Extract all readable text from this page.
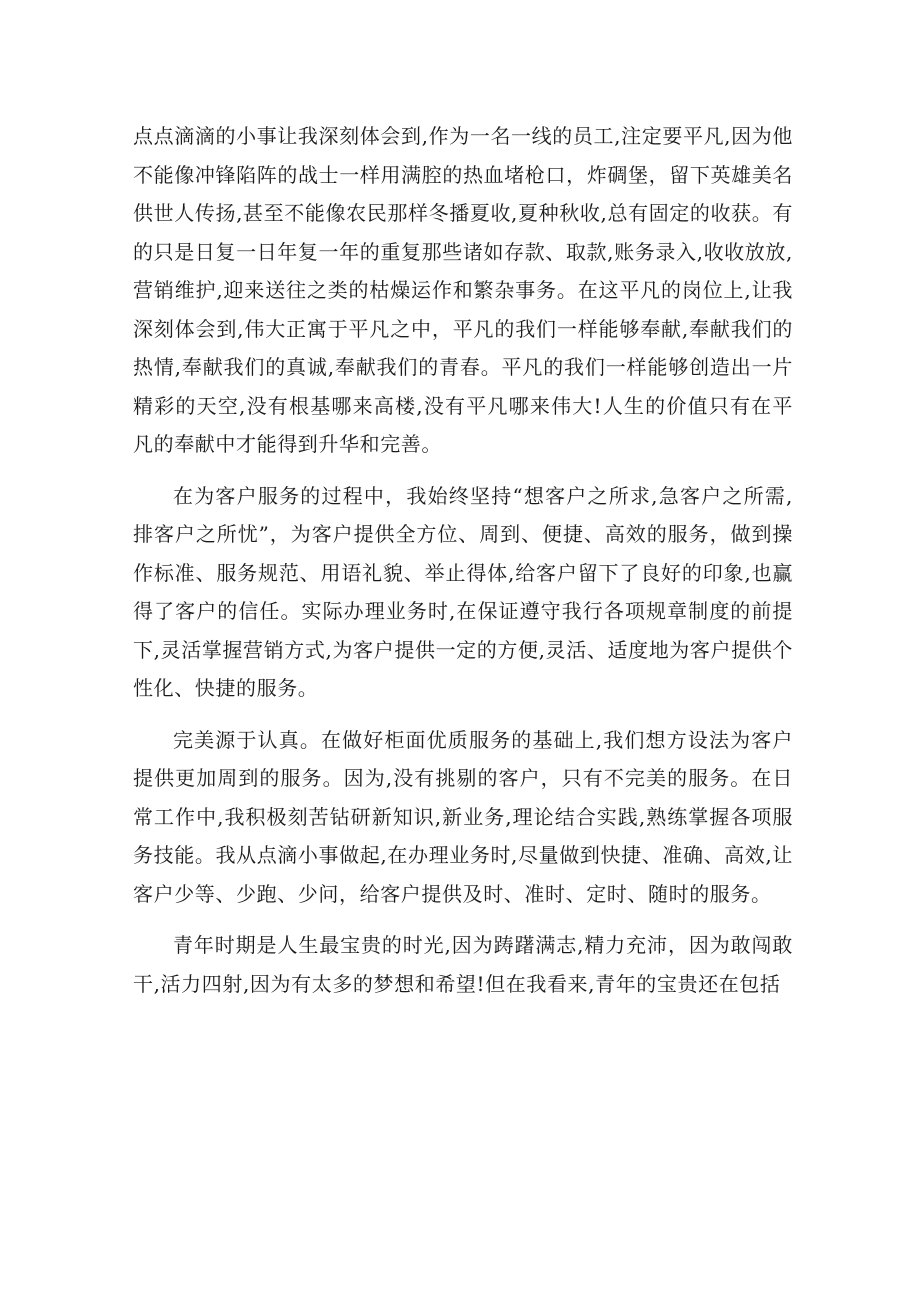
点点滴滴的小事让我深刻体会到,作为一名一线的员工,注定要平凡,因为他不能像冲锋陷阵的战士一样用满腔的热血堵枪口，炸碉堡，留下英雄美名供世人传扬,甚至不能像农民那样冬播夏收,夏种秋收,总有固定的收获。有的只是日复一日年复一年的重复那些诸如存款、取款,账务录入,收收放放,营销维护,迎来送往之类的枯燥运作和繁杂事务。在这平凡的岗位上,让我深刻体会到,伟大正寓于平凡之中，平凡的我们一样能够奉献,奉献我们的热情,奉献我们的真诚,奉献我们的青春。平凡的我们一样能够创造出一片精彩的天空,没有根基哪来高楼,没有平凡哪来伟大!人生的价值只有在平凡的奉献中才能得到升华和完善。

在为客户服务的过程中，我始终坚持“想客户之所求,急客户之所需,排客户之所忧”，为客户提供全方位、周到、便捷、高效的服务，做到操作标准、服务规范、用语礼貌、举止得体,给客户留下了良好的印象,也赢得了客户的信任。实际办理业务时,在保证遵守我行各项规章制度的前提下,灵活掌握营销方式,为客户提供一定的方便,灵活、适度地为客户提供个性化、快捷的服务。

完美源于认真。在做好柜面优质服务的基础上,我们想方设法为客户提供更加周到的服务。因为,没有挑剔的客户，只有不完美的服务。在日常工作中,我积极刻苦钻研新知识,新业务,理论结合实践,熟练掌握各项服务技能。我从点滴小事做起,在办理业务时,尽量做到快捷、准确、高效,让客户少等、少跑、少问，给客户提供及时、准时、定时、随时的服务。

青年时期是人生最宝贵的时光,因为踌躇满志,精力充沛，因为敢闯敢干,活力四射,因为有太多的梦想和希望!但在我看来,青年的宝贵还在包括
